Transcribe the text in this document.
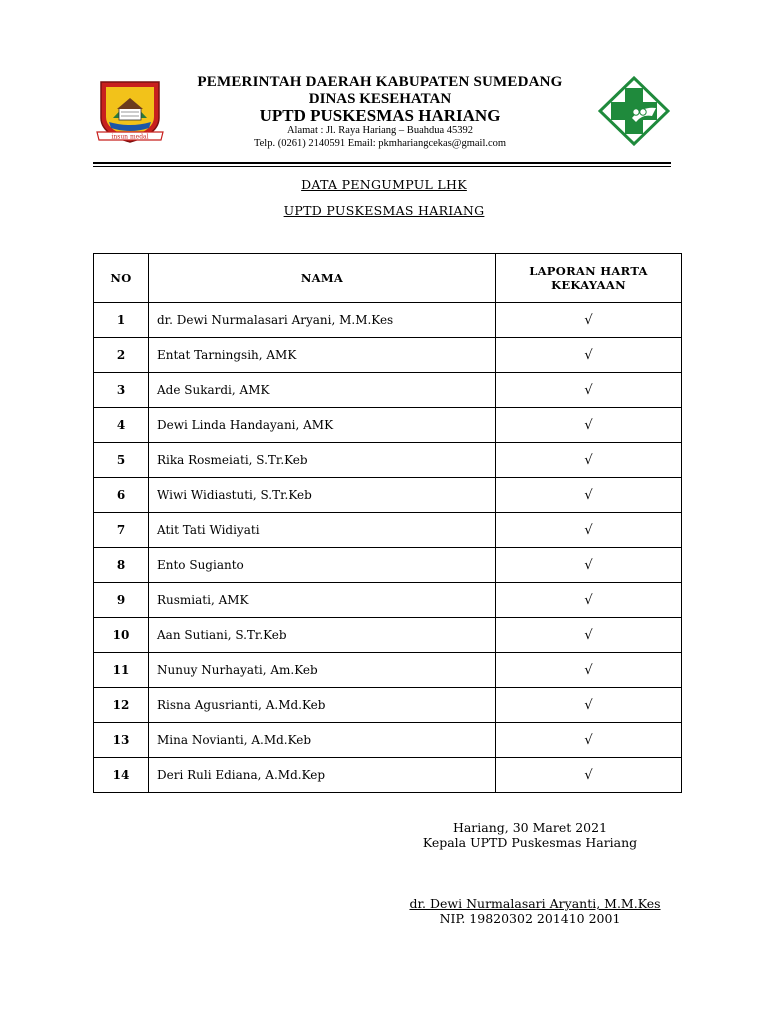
insun medal
PEMERINTAH DAERAH KABUPATEN SUMEDANG
DINAS KESEHATAN
UPTD PUSKESMAS HARIANG
Alamat : Jl. Raya Hariang – Buahdua 45392
Telp. (0261) 2140591 Email: pkmhariangcekas@gmail.com
DATA PENGUMPUL LHK
UPTD PUSKESMAS HARIANG
NO	NAMA	LAPORAN HARTA
KEKAYAAN

1	dr. Dewi Nurmalasari Aryani, M.M.Kes	√
2	Entat Tarningsih, AMK	√
3	Ade Sukardi, AMK	√
4	Dewi Linda Handayani, AMK	√
5	Rika Rosmeiati, S.Tr.Keb	√
6	Wiwi Widiastuti, S.Tr.Keb	√
7	Atit Tati Widiyati	√
8	Ento Sugianto	√
9	Rusmiati, AMK	√
10	Aan Sutiani, S.Tr.Keb	√
11	Nunuy Nurhayati, Am.Keb	√
12	Risna Agusrianti, A.Md.Keb	√
13	Mina Novianti, A.Md.Keb	√
14	Deri Ruli Ediana, A.Md.Kep	√
Hariang, 30 Maret 2021
Kepala UPTD Puskesmas Hariang
dr. Dewi Nurmalasari Aryanti, M.M.Kes
NIP. 19820302 201410 2001
